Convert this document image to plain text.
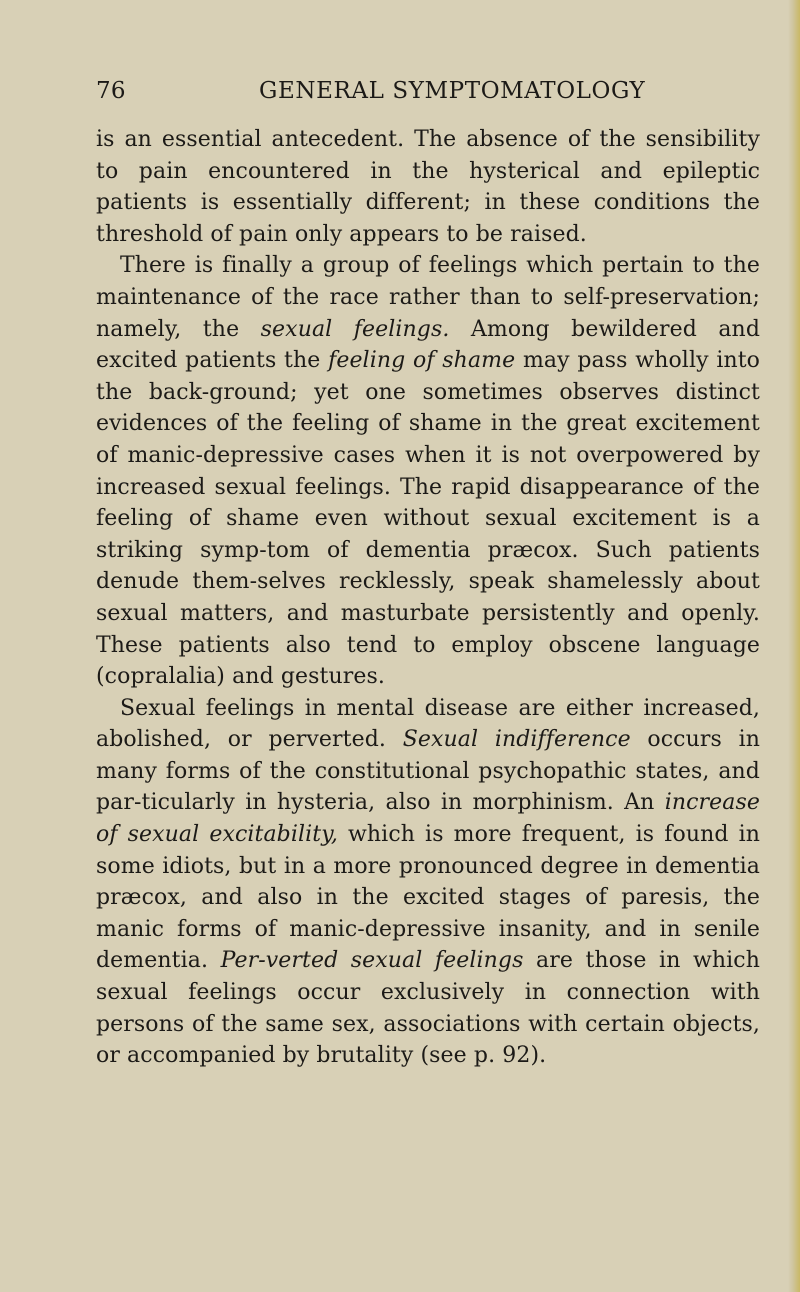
76	GENERAL SYMPTOMATOLOGY

is an essential antecedent. The absence of the sensibility to pain encountered in the hysterical and epileptic patients is essentially different; in these conditions the threshold of pain only appears to be raised.

There is finally a group of feelings which pertain to the maintenance of the race rather than to self-preservation; namely, the sexual feelings. Among bewildered and excited patients the feeling of shame may pass wholly into the back-ground; yet one sometimes observes distinct evidences of the feeling of shame in the great excitement of manic-depressive cases when it is not overpowered by increased sexual feelings. The rapid disappearance of the feeling of shame even without sexual excitement is a striking symp-tom of dementia præcox. Such patients denude them-selves recklessly, speak shamelessly about sexual matters, and masturbate persistently and openly. These patients also tend to employ obscene language (copralalia) and gestures.

Sexual feelings in mental disease are either increased, abolished, or perverted. Sexual indifference occurs in many forms of the constitutional psychopathic states, and par-ticularly in hysteria, also in morphinism. An increase of sexual excitability, which is more frequent, is found in some idiots, but in a more pronounced degree in dementia præcox, and also in the excited stages of paresis, the manic forms of manic-depressive insanity, and in senile dementia. Per-verted sexual feelings are those in which sexual feelings occur exclusively in connection with persons of the same sex, associations with certain objects, or accompanied by brutality (see p. 92).
